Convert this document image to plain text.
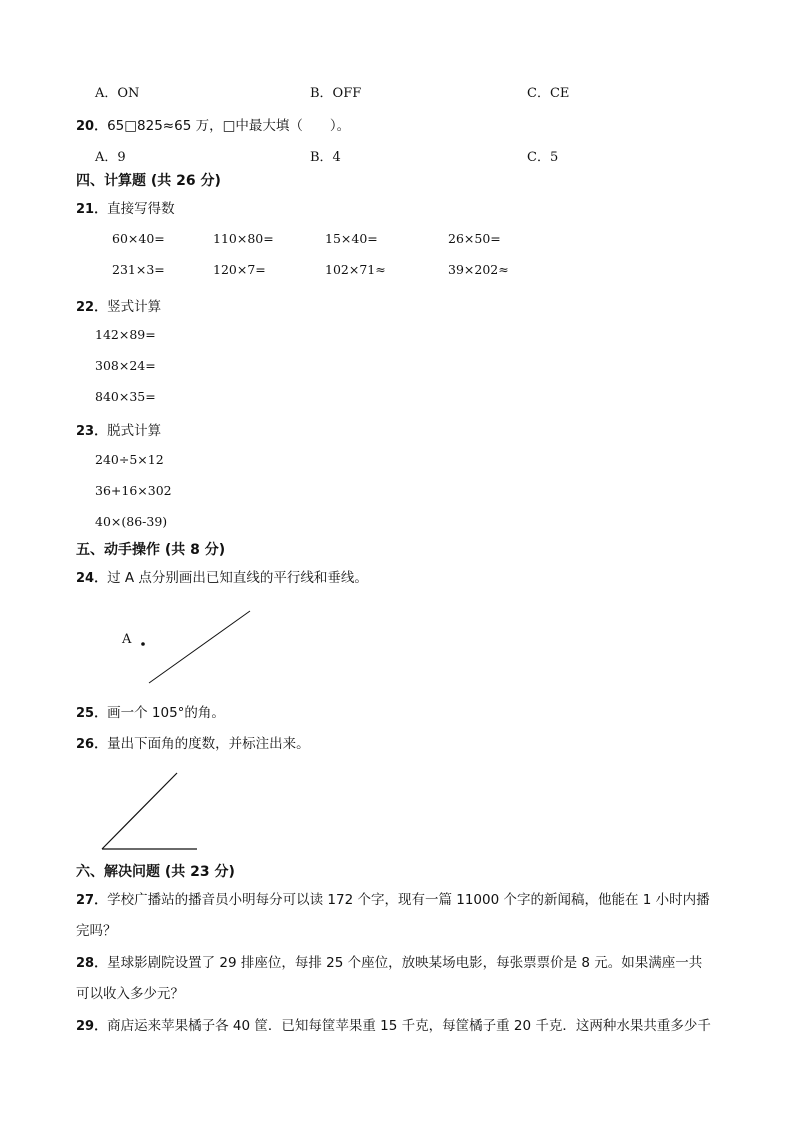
A．ON	B．OFF	C．CE
20．65□825≈65 万，□中最大填（　　）。
A．9	B．4	C．5
四、计算题 (共 26 分)
21．直接写得数
60×40=	110×80=	15×40=	26×50=
231×3=	120×7=	102×71≈	39×202≈
22．竖式计算
142×89=
308×24=
840×35=
23．脱式计算
240÷5×12
36+16×302
40×(86-39)
五、动手操作 (共 8 分)
24．过 A 点分别画出已知直线的平行线和垂线。
A
25．画一个 105°的角。
26．量出下面角的度数，并标注出来。
六、解决问题 (共 23 分)
27．学校广播站的播音员小明每分可以读 172 个字，现有一篇 11000 个字的新闻稿，他能在 1 小时内播
完吗？
28．星球影剧院设置了 29 排座位，每排 25 个座位，放映某场电影，每张票票价是 8 元。如果满座一共
可以收入多少元？
29．商店运来苹果橘子各 40 筐．已知每筐苹果重 15 千克，每筐橘子重 20 千克．这两种水果共重多少千
